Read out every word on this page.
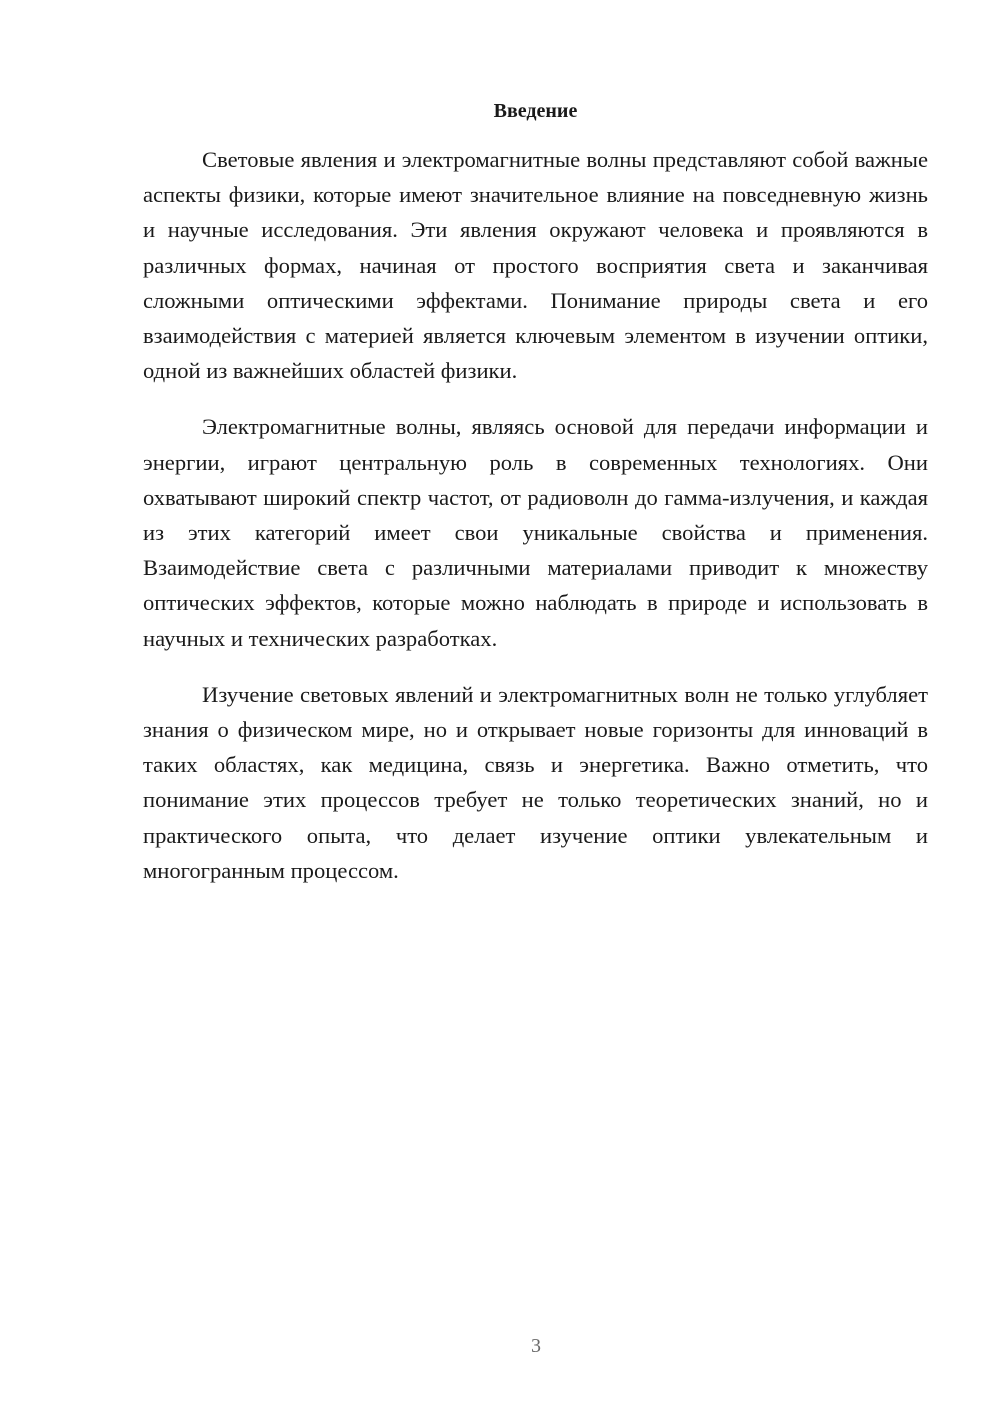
Введение

Световые явления и электромагнитные волны представляют собой важные аспекты физики, которые имеют значительное влияние на повседневную жизнь и научные исследования. Эти явления окружают человека и проявляются в различных формах, начиная от простого восприятия света и заканчивая сложными оптическими эффектами. Понимание природы света и его взаимодействия с материей является ключевым элементом в изучении оптики, одной из важнейших областей физики.

Электромагнитные волны, являясь основой для передачи информации и энергии, играют центральную роль в современных технологиях. Они охватывают широкий спектр частот, от радиоволн до гамма-излучения, и каждая из этих категорий имеет свои уникальные свойства и применения. Взаимодействие света с различными материалами приводит к множеству оптических эффектов, которые можно наблюдать в природе и использовать в научных и технических разработках.

Изучение световых явлений и электромагнитных волн не только углубляет знания о физическом мире, но и открывает новые горизонты для инноваций в таких областях, как медицина, связь и энергетика. Важно отметить, что понимание этих процессов требует не только теоретических знаний, но и практического опыта, что делает изучение оптики увлекательным и многогранным процессом.

3
